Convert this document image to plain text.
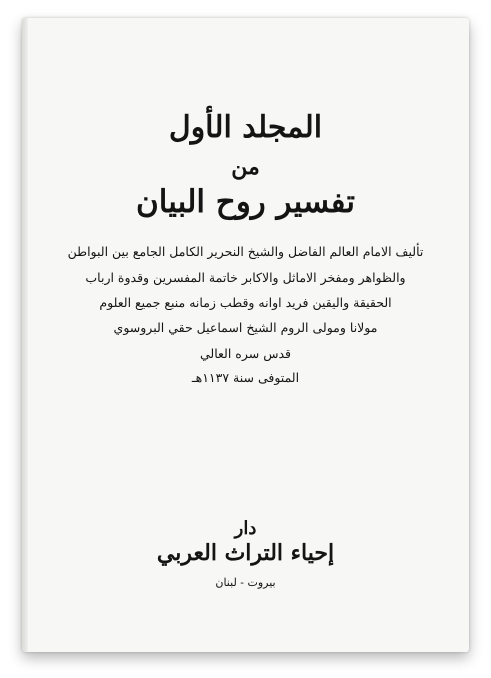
المجلد الأول
من
تفسير روح البيان
تأليف الامام العالم الفاضل والشيخ النحرير الكامل الجامع بين البواطن
والظواهر ومفخر الاماثل والاكابر خاتمة المفسرين وقدوة ارباب
الحقيقة واليقين فريد اوانه وقطب زمانه منبع جميع العلوم
مولانا ومولى الروم الشيخ اسماعيل حقي البروسوي
قدس سره العالي
المتوفى سنة ١١٣٧هـ
دار
إحياء التراث العربي
بيروت - لبنان
